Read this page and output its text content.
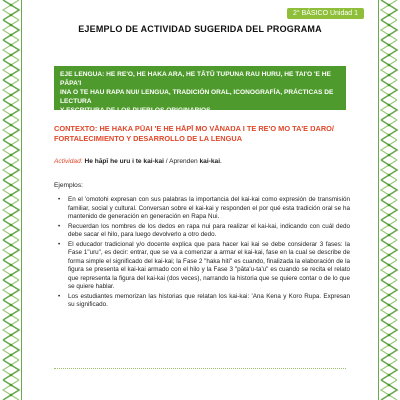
2° BÁSICO Unidad 1
EJEMPLO DE ACTIVIDAD SUGERIDA DEL PROGRAMA
EJE LENGUA: HE RE'O, HE HAKA ARA, HE TĀTŪ TUPUNA RAU HURU, HE TAI'O 'E HE PĀPA'I
INA O TE HAU RAPA NUI/ LENGUA, TRADICIÓN ORAL, ICONOGRAFÍA, PRÁCTICAS DE LECTURA
Y ESCRITURA DE LOS PUEBLOS ORIGINARIOS.
CONTEXTO: HE HAKA PŪAI 'E HE HĀPĪ MO VĀNAŊA I TE RE'O MO TA'E ŊARO/
FORTALECIMIENTO Y DESARROLLO DE LA LENGUA
Actividad: He hāpī he uru i te kai-kai / Aprenden kai-kai.
Ejemplos:
• En el 'omotohi expresan con sus palabras la importancia del kai-kai como expresión de transmisión familiar, social y cultural. Conversan sobre el kai-kai y responden el por qué esta tradición oral se ha mantenido de generación en generación en Rapa Nui.
• Recuerdan los nombres de los dedos en rapa nui para realizar el kai-kai, indicando con cuál dedo debe sacar el hilo, para luego devolverlo a otro dedo.
• El educador tradicional y/o docente explica que para hacer kai kai se debe considerar 3 fases: la Fase 1"uru", es decir: entrar, que se va a comenzar a armar el kai-kai, fase en la cual se describe de forma simple el significado del kai-kai; la Fase 2 "haka hiti" es cuando, finalizada la elaboración de la figura se presenta el kai-kai armado con el hilo y la Fase 3 "pāta'u-ta'u" es cuando se recita el relato que representa la figura del kai-kai (dos veces), narrando la historia que se quiere contar o de lo que se quiere hablar.
• Los estudiantes memorizan las historias que relatan los kai-kai: 'Ana Kena y Koro Rupa. Expresan su significado.
